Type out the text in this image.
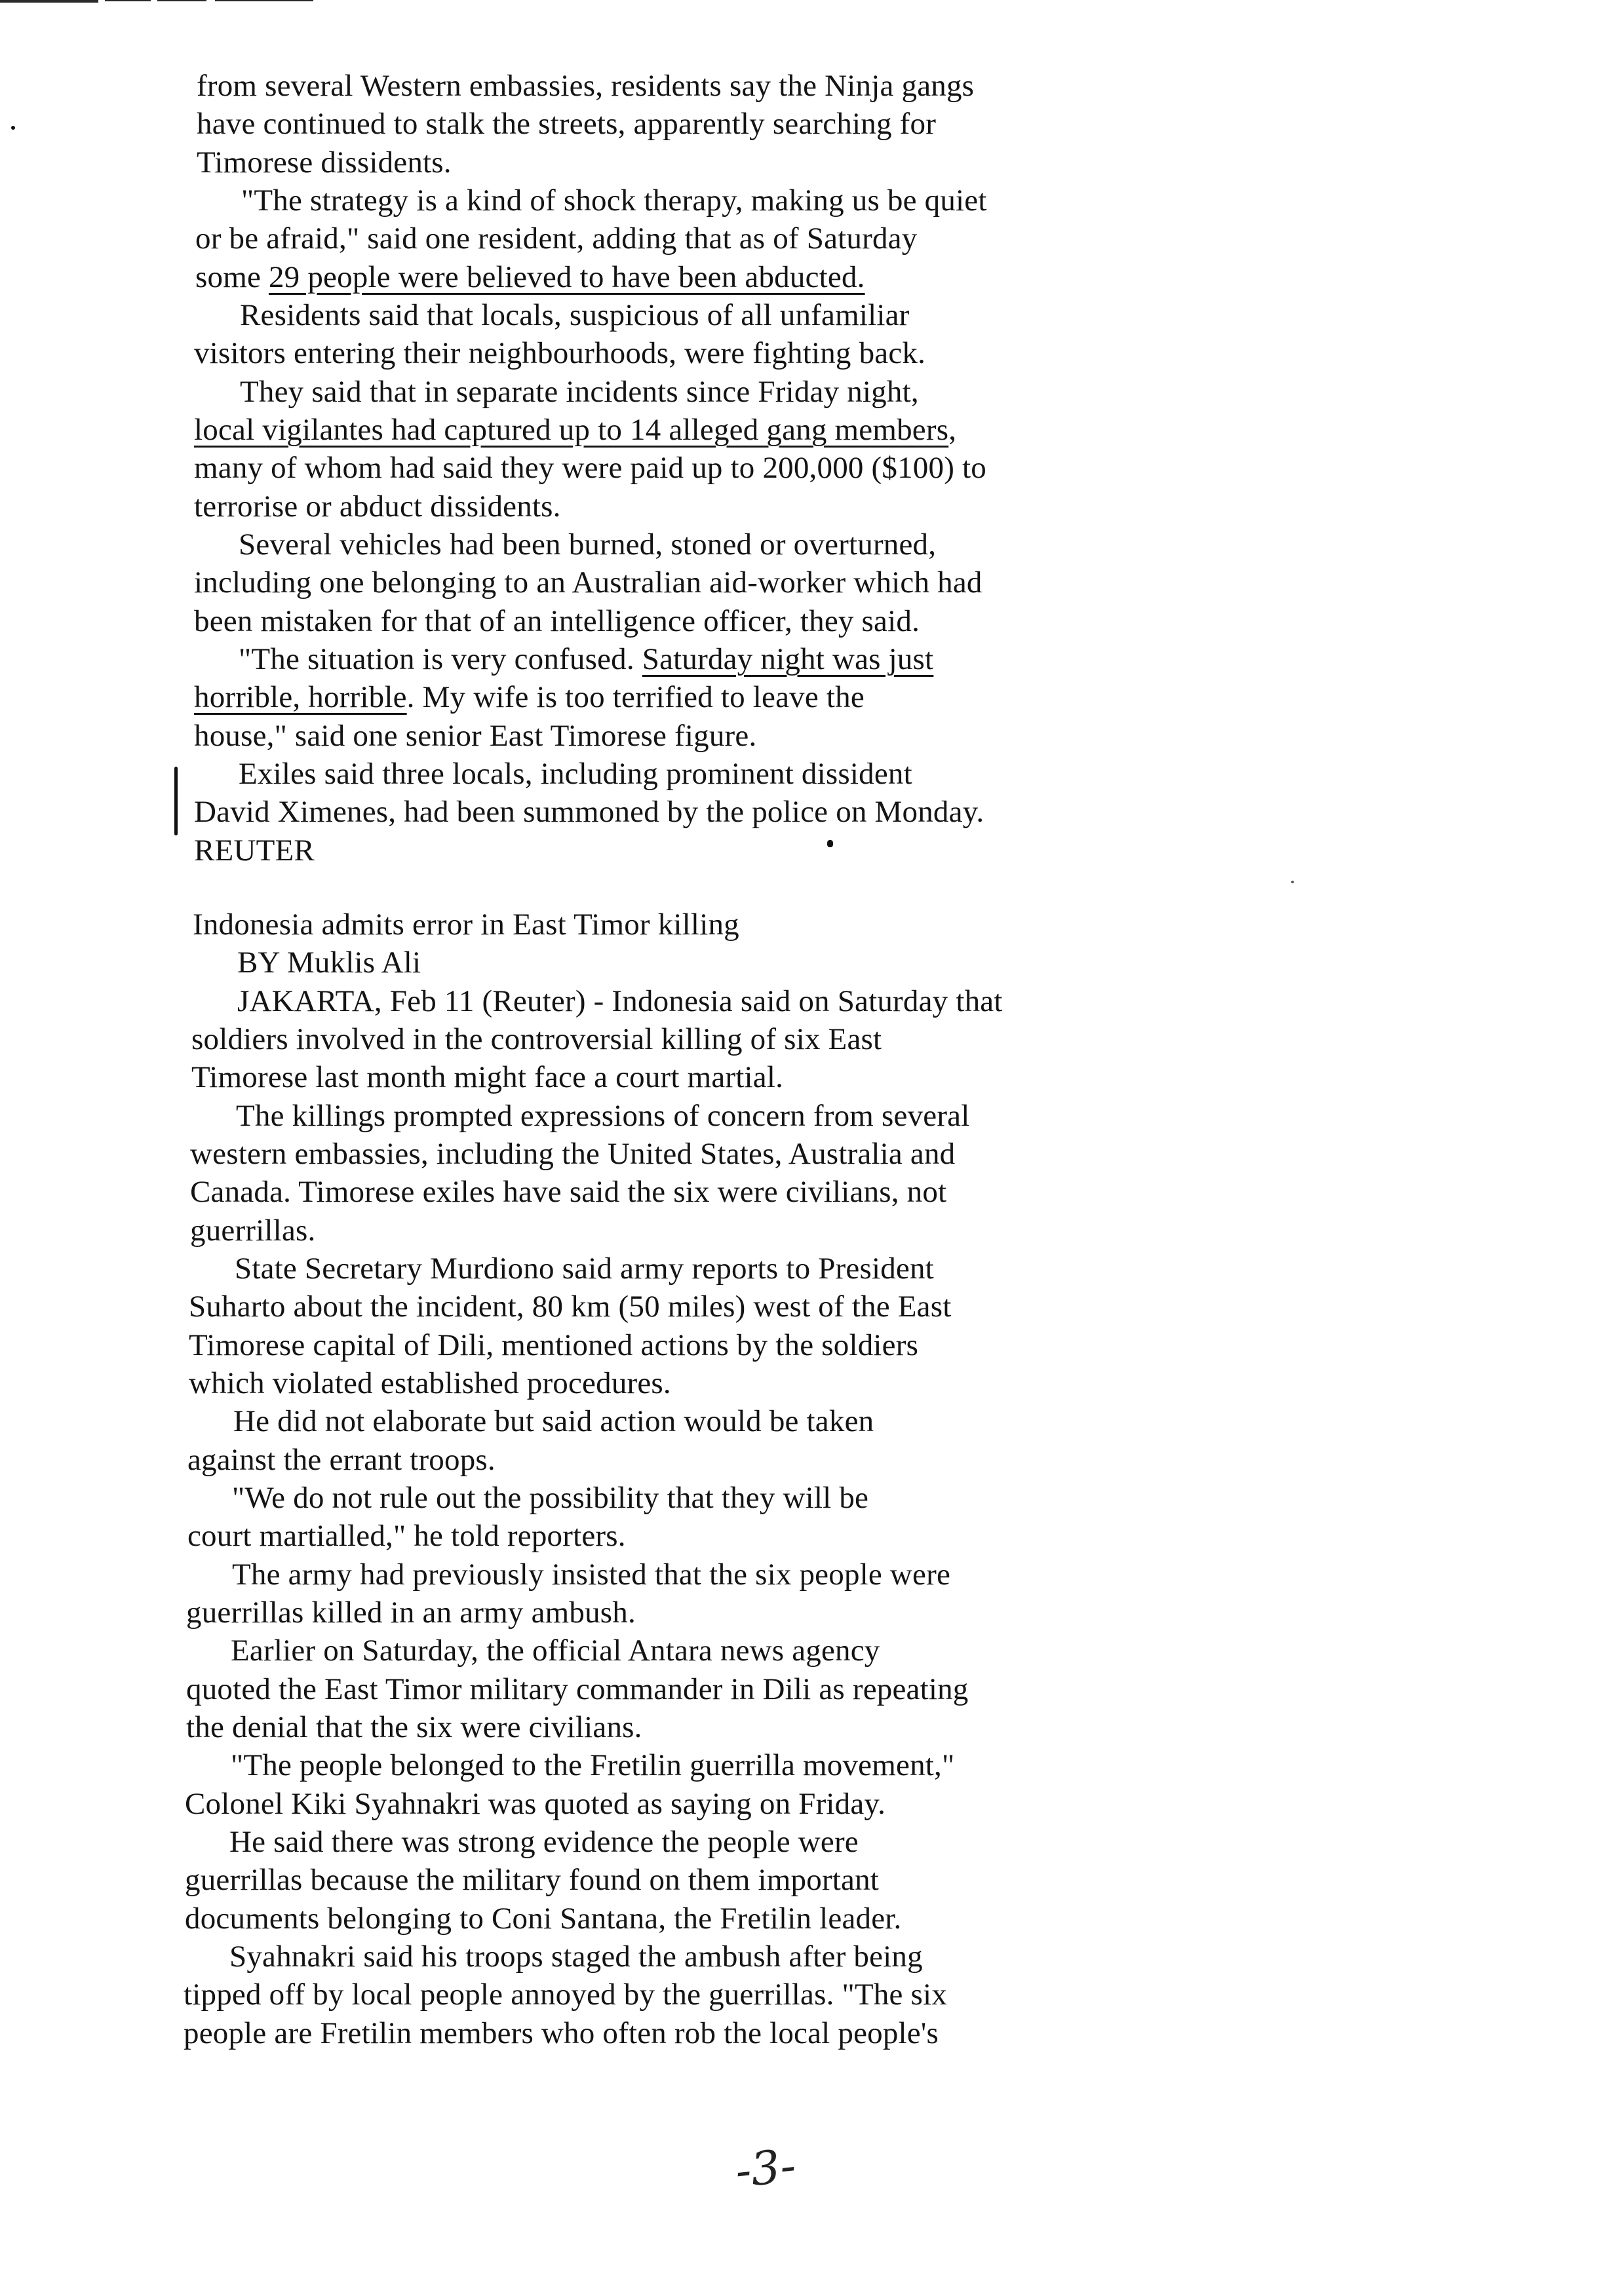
from several Western embassies, residents say the Ninja gangs
have continued to stalk the streets, apparently searching for
Timorese dissidents.
"The strategy is a kind of shock therapy, making us be quiet
or be afraid," said one resident, adding that as of Saturday
some 29 people were believed to have been abducted.
Residents said that locals, suspicious of all unfamiliar
visitors entering their neighbourhoods, were fighting back.
They said that in separate incidents since Friday night,
local vigilantes had captured up to 14 alleged gang members,
many of whom had said they were paid up to 200,000 ($100) to
terrorise or abduct dissidents.
Several vehicles had been burned, stoned or overturned,
including one belonging to an Australian aid-worker which had
been mistaken for that of an intelligence officer, they said.
"The situation is very confused. Saturday night was just
horrible, horrible. My wife is too terrified to leave the
house," said one senior East Timorese figure.
Exiles said three locals, including prominent dissident
David Ximenes, had been summoned by the police on Monday.
REUTER
Indonesia admits error in East Timor killing
BY Muklis Ali
JAKARTA, Feb 11 (Reuter) - Indonesia said on Saturday that
soldiers involved in the controversial killing of six East
Timorese last month might face a court martial.
The killings prompted expressions of concern from several
western embassies, including the United States, Australia and
Canada. Timorese exiles have said the six were civilians, not
guerrillas.
State Secretary Murdiono said army reports to President
Suharto about the incident, 80 km (50 miles) west of the East
Timorese capital of Dili, mentioned actions by the soldiers
which violated established procedures.
He did not elaborate but said action would be taken
against the errant troops.
"We do not rule out the possibility that they will be
court martialled," he told reporters.
The army had previously insisted that the six people were
guerrillas killed in an army ambush.
Earlier on Saturday, the official Antara news agency
quoted the East Timor military commander in Dili as repeating
the denial that the six were civilians.
"The people belonged to the Fretilin guerrilla movement,"
Colonel Kiki Syahnakri was quoted as saying on Friday.
He said there was strong evidence the people were
guerrillas because the military found on them important
documents belonging to Coni Santana, the Fretilin leader.
Syahnakri said his troops staged the ambush after being
tipped off by local people annoyed by the guerrillas. "The six
people are Fretilin members who often rob the local people's
-3-
